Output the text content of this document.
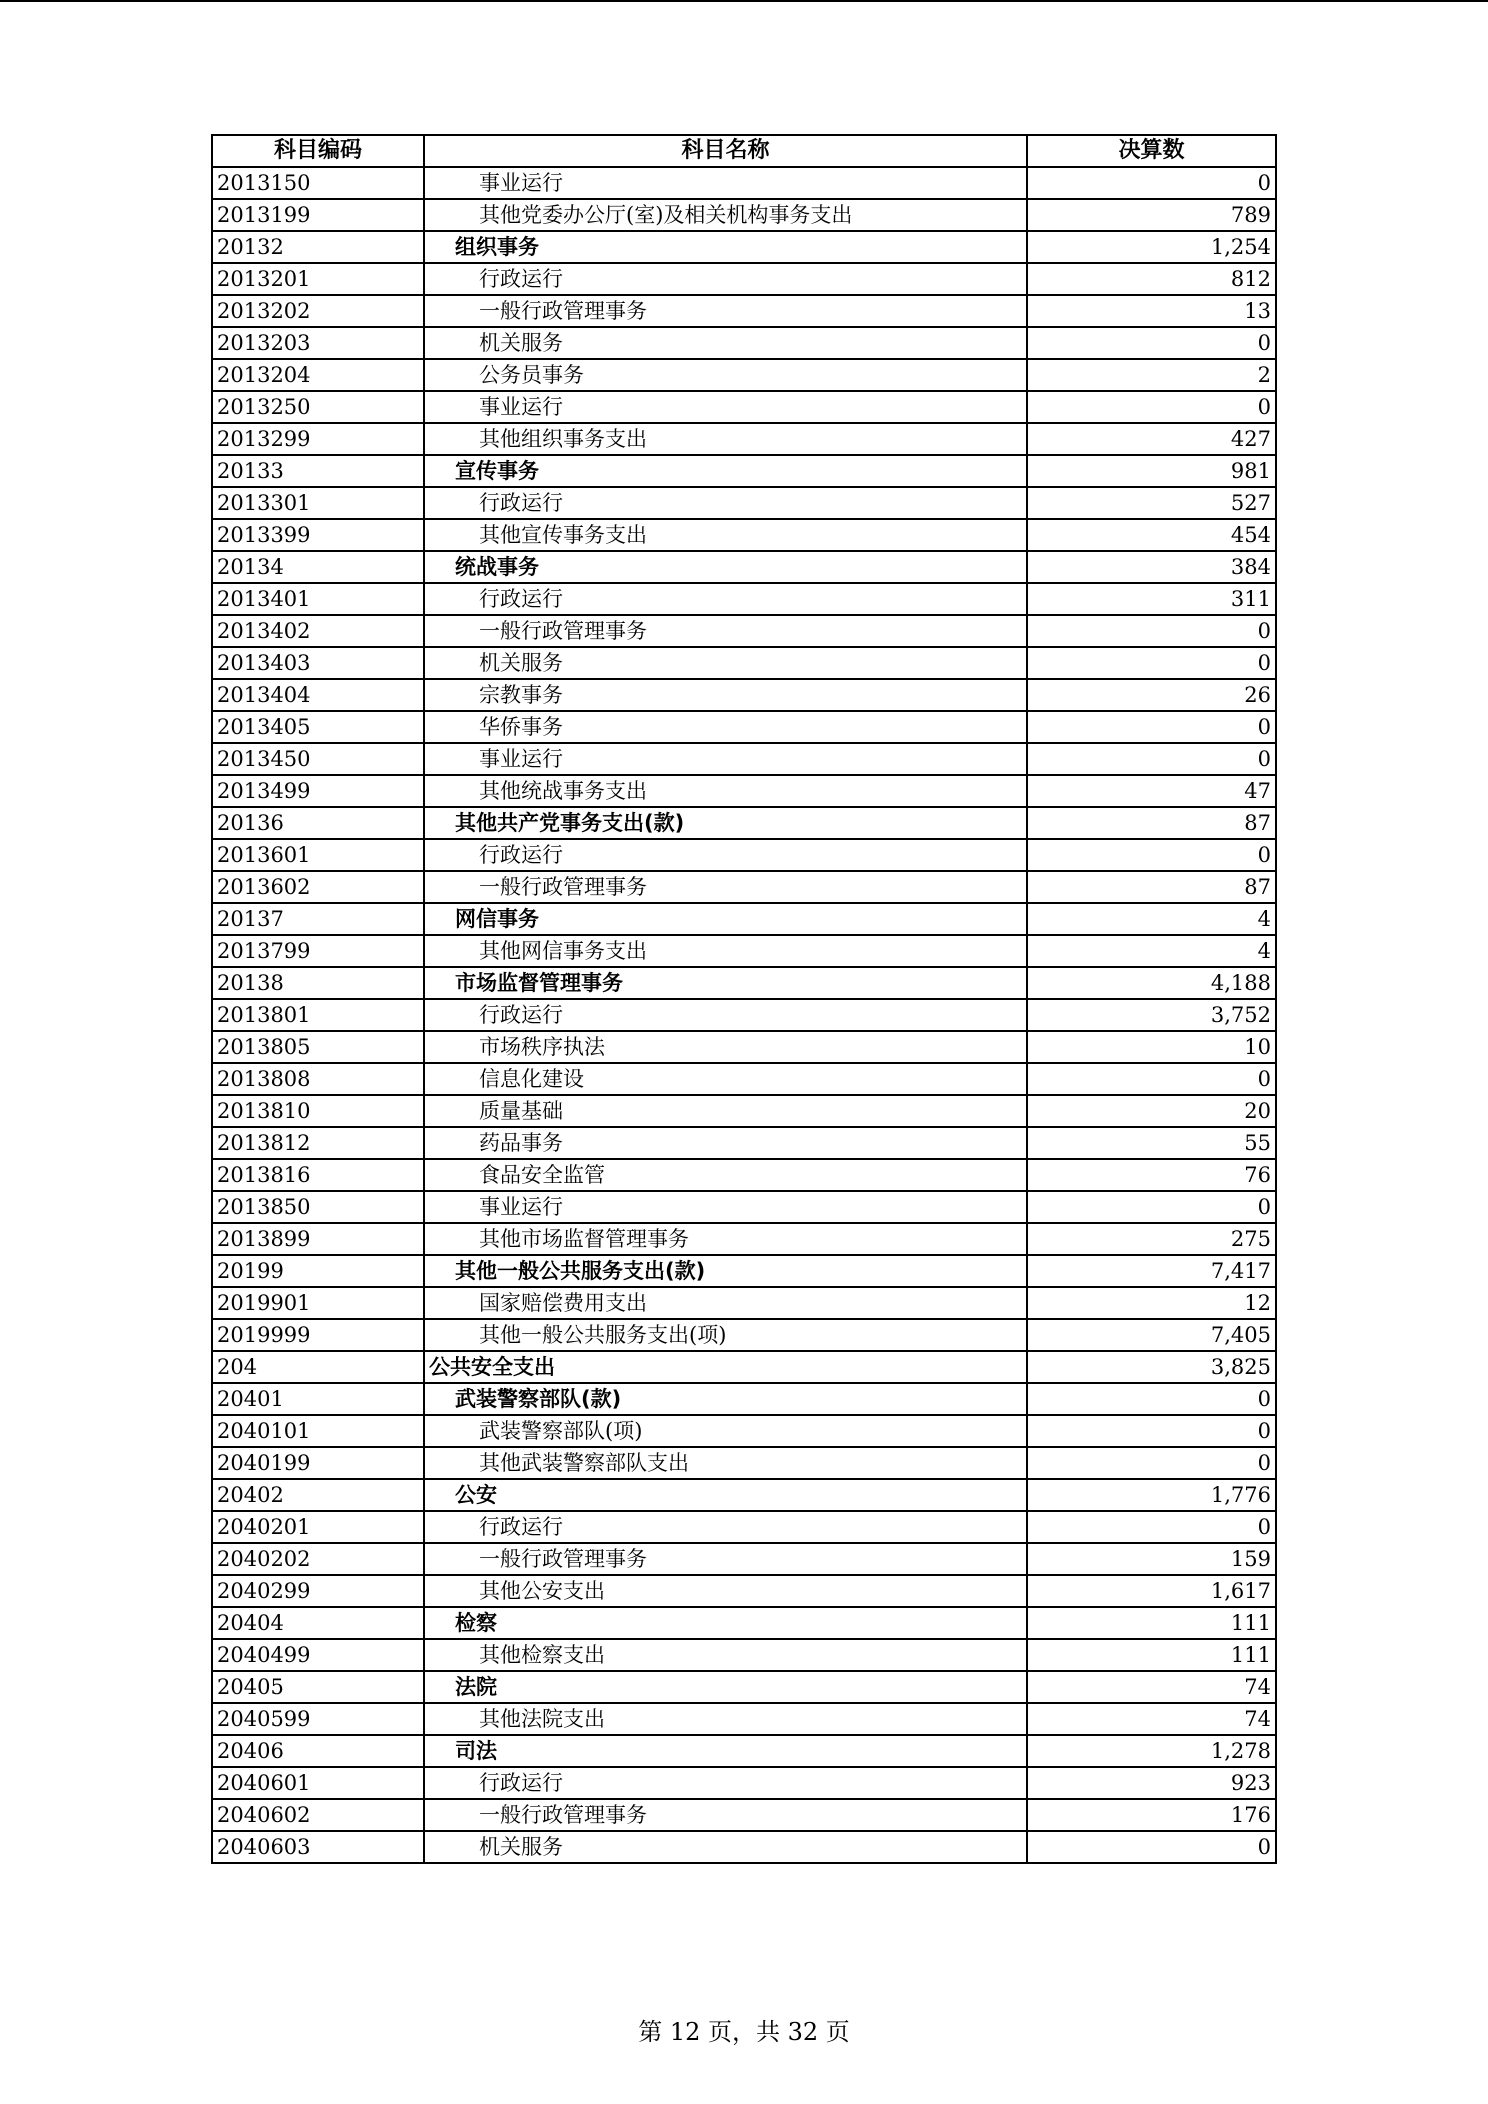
科目编码	科目名称	决算数
2013150	事业运行	0
2013199	其他党委办公厅(室)及相关机构事务支出	789
20132	组织事务	1,254
2013201	行政运行	812
2013202	一般行政管理事务	13
2013203	机关服务	0
2013204	公务员事务	2
2013250	事业运行	0
2013299	其他组织事务支出	427
20133	宣传事务	981
2013301	行政运行	527
2013399	其他宣传事务支出	454
20134	统战事务	384
2013401	行政运行	311
2013402	一般行政管理事务	0
2013403	机关服务	0
2013404	宗教事务	26
2013405	华侨事务	0
2013450	事业运行	0
2013499	其他统战事务支出	47
20136	其他共产党事务支出(款)	87
2013601	行政运行	0
2013602	一般行政管理事务	87
20137	网信事务	4
2013799	其他网信事务支出	4
20138	市场监督管理事务	4,188
2013801	行政运行	3,752
2013805	市场秩序执法	10
2013808	信息化建设	0
2013810	质量基础	20
2013812	药品事务	55
2013816	食品安全监管	76
2013850	事业运行	0
2013899	其他市场监督管理事务	275
20199	其他一般公共服务支出(款)	7,417
2019901	国家赔偿费用支出	12
2019999	其他一般公共服务支出(项)	7,405
204	公共安全支出	3,825
20401	武装警察部队(款)	0
2040101	武装警察部队(项)	0
2040199	其他武装警察部队支出	0
20402	公安	1,776
2040201	行政运行	0
2040202	一般行政管理事务	159
2040299	其他公安支出	1,617
20404	检察	111
2040499	其他检察支出	111
20405	法院	74
2040599	其他法院支出	74
20406	司法	1,278
2040601	行政运行	923
2040602	一般行政管理事务	176
2040603	机关服务	0
第 12 页，共 32 页
